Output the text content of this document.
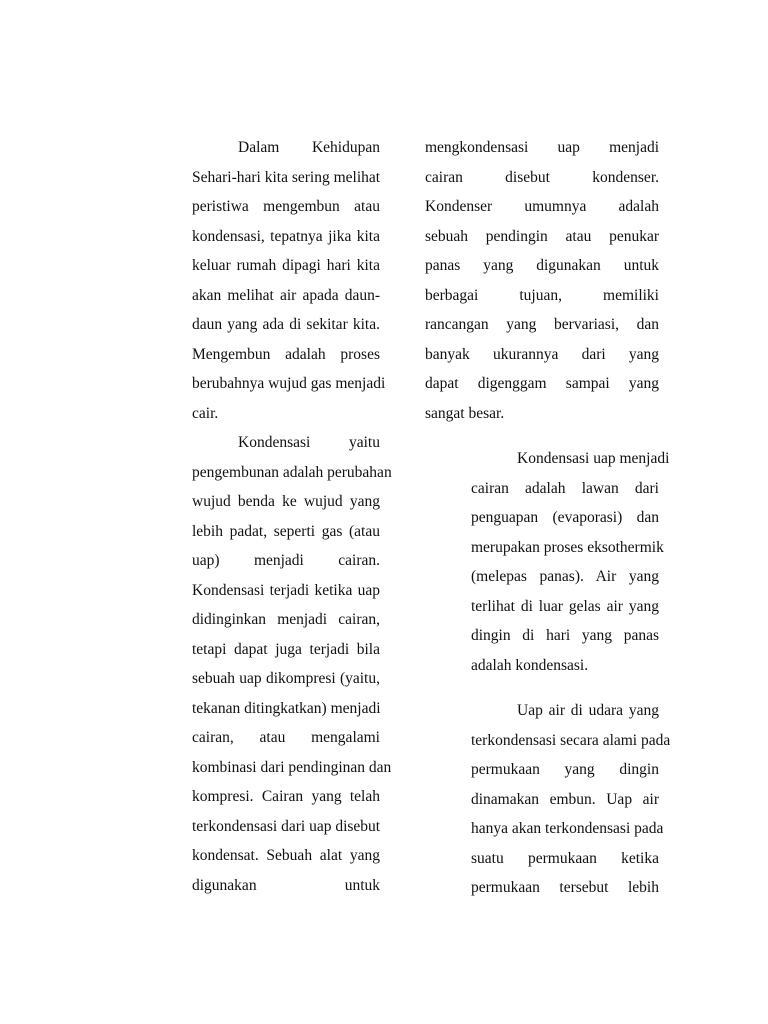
Dalam Kehidupan
Sehari-hari kita sering melihat
peristiwa mengembun atau
kondensasi, tepatnya jika kita
keluar rumah dipagi hari kita
akan melihat air apada daun-
daun yang ada di sekitar kita.
Mengembun adalah proses
berubahnya wujud gas menjadi
cair.
Kondensasi yaitu
pengembunan adalah perubahan
wujud benda ke wujud yang
lebih padat, seperti gas (atau
uap) menjadi cairan.
Kondensasi terjadi ketika uap
didinginkan menjadi cairan,
tetapi dapat juga terjadi bila
sebuah uap dikompresi (yaitu,
tekanan ditingkatkan) menjadi
cairan, atau mengalami
kombinasi dari pendinginan dan
kompresi. Cairan yang telah
terkondensasi dari uap disebut
kondensat. Sebuah alat yang
digunakan untuk
mengkondensasi uap menjadi
cairan disebut kondenser.
Kondenser umumnya adalah
sebuah pendingin atau penukar
panas yang digunakan untuk
berbagai tujuan, memiliki
rancangan yang bervariasi, dan
banyak ukurannya dari yang
dapat digenggam sampai yang
sangat besar.
Kondensasi uap menjadi
cairan adalah lawan dari
penguapan (evaporasi) dan
merupakan proses eksothermik
(melepas panas). Air yang
terlihat di luar gelas air yang
dingin di hari yang panas
adalah kondensasi.
Uap air di udara yang
terkondensasi secara alami pada
permukaan yang dingin
dinamakan embun. Uap air
hanya akan terkondensasi pada
suatu permukaan ketika
permukaan tersebut lebih
